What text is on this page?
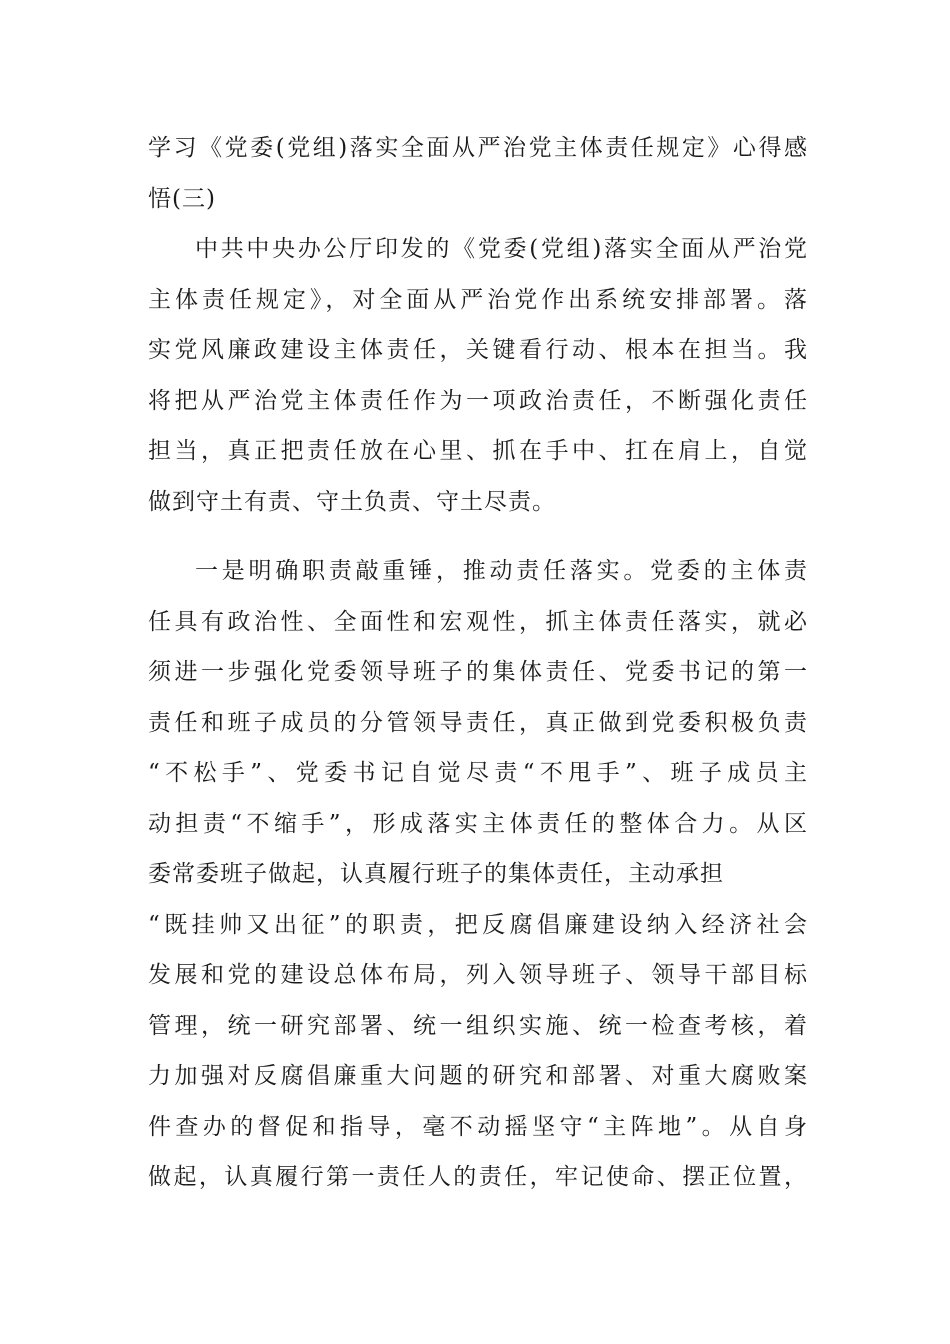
学习《党委(党组)落实全面从严治党主体责任规定》心得感
悟(三)
中共中央办公厅印发的《党委(党组)落实全面从严治党
主体责任规定》，对全面从严治党作出系统安排部署。落
实党风廉政建设主体责任，关键看行动、根本在担当。我
将把从严治党主体责任作为一项政治责任，不断强化责任
担当，真正把责任放在心里、抓在手中、扛在肩上，自觉
做到守土有责、守土负责、守土尽责。
一是明确职责敲重锤，推动责任落实。党委的主体责
任具有政治性、全面性和宏观性，抓主体责任落实，就必
须进一步强化党委领导班子的集体责任、党委书记的第一
责任和班子成员的分管领导责任，真正做到党委积极负责
“不松手”、党委书记自觉尽责“不甩手”、班子成员主
动担责“不缩手”，形成落实主体责任的整体合力。从区
委常委班子做起，认真履行班子的集体责任，主动承担
“既挂帅又出征”的职责，把反腐倡廉建设纳入经济社会
发展和党的建设总体布局，列入领导班子、领导干部目标
管理，统一研究部署、统一组织实施、统一检查考核，着
力加强对反腐倡廉重大问题的研究和部署、对重大腐败案
件查办的督促和指导，毫不动摇坚守“主阵地”。从自身
做起，认真履行第一责任人的责任，牢记使命、摆正位置，
